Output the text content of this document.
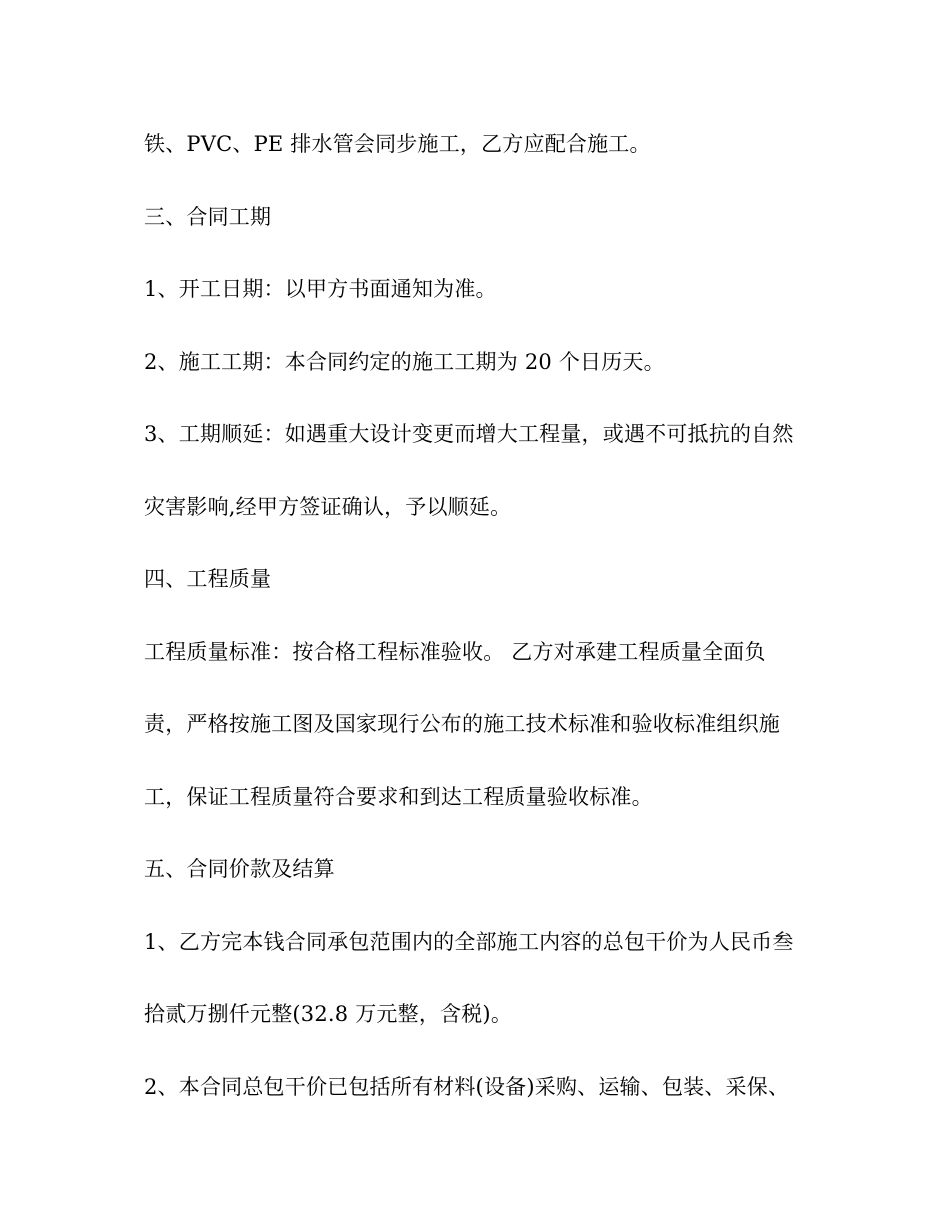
铁、PVC、PE 排水管会同步施工，乙方应配合施工。
三、合同工期
1、开工日期：以甲方书面通知为准。
2、施工工期：本合同约定的施工工期为 20 个日历天。
3、工期顺延：如遇重大设计变更而增大工程量，或遇不可抵抗的自然
灾害影响,经甲方签证确认，予以顺延。
四、工程质量
工程质量标准：按合格工程标准验收。 乙方对承建工程质量全面负
责，严格按施工图及国家现行公布的施工技术标准和验收标准组织施
工，保证工程质量符合要求和到达工程质量验收标准。
五、合同价款及结算
1、乙方完本钱合同承包范围内的全部施工内容的总包干价为人民币叁
拾贰万捌仟元整(32.8 万元整，含税)。
2、本合同总包干价已包括所有材料(设备)采购、运输、包装、采保、
